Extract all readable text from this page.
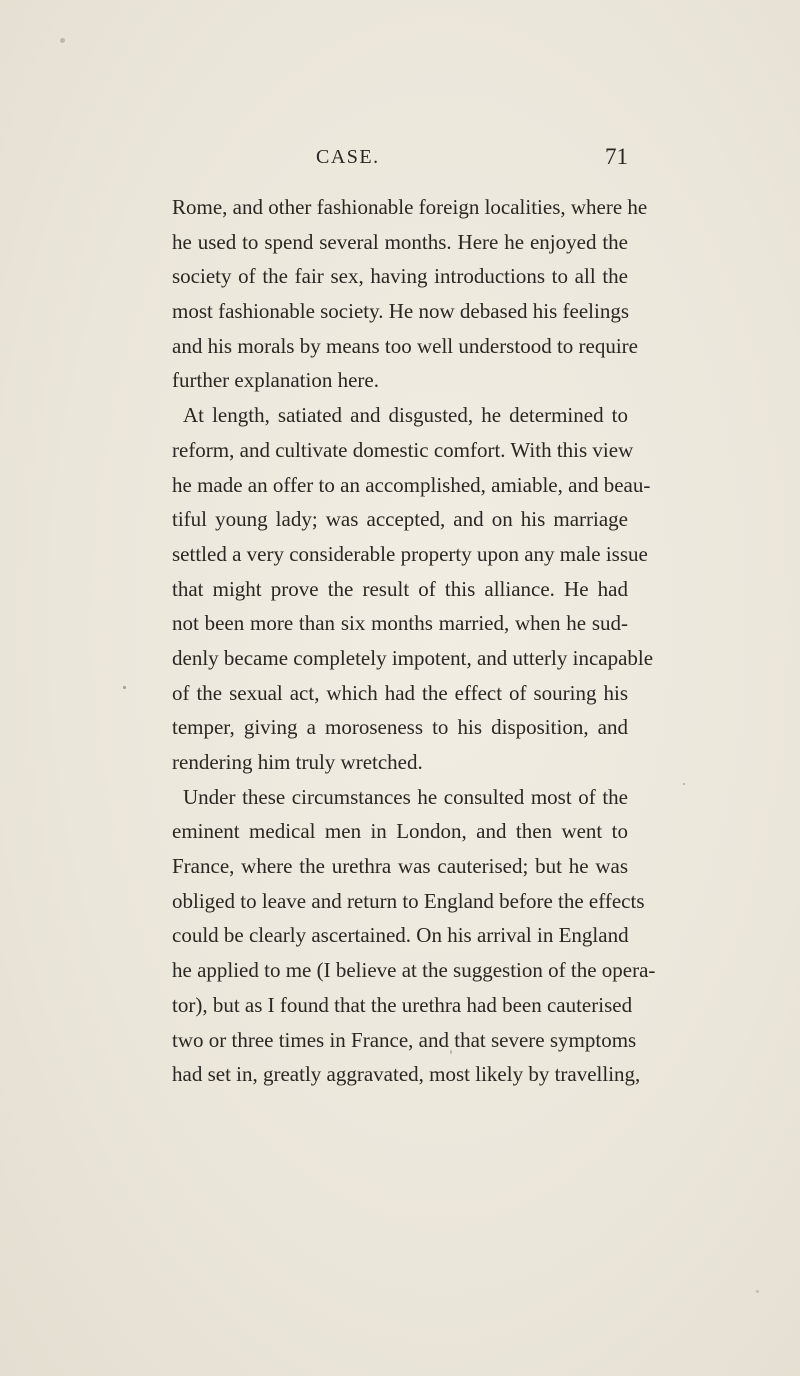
CASE.	71
Rome, and other fashionable foreign localities, where he
he used to spend several months. Here he enjoyed the
society of the fair sex, having introductions to all the
most fashionable society. He now debased his feelings
and his morals by means too well understood to require
further explanation here.
At length, satiated and disgusted, he determined to
reform, and cultivate domestic comfort. With this view
he made an offer to an accomplished, amiable, and beau-
tiful young lady; was accepted, and on his marriage
settled a very considerable property upon any male issue
that might prove the result of this alliance. He had
not been more than six months married, when he sud-
denly became completely impotent, and utterly incapable
of the sexual act, which had the effect of souring his
temper, giving a moroseness to his disposition, and
rendering him truly wretched.
Under these circumstances he consulted most of the
eminent medical men in London, and then went to
France, where the urethra was cauterised; but he was
obliged to leave and return to England before the effects
could be clearly ascertained. On his arrival in England
he applied to me (I believe at the suggestion of the opera-
tor), but as I found that the urethra had been cauterised
two or three times in France, and that severe symptoms
had set in, greatly aggravated, most likely by travelling,
